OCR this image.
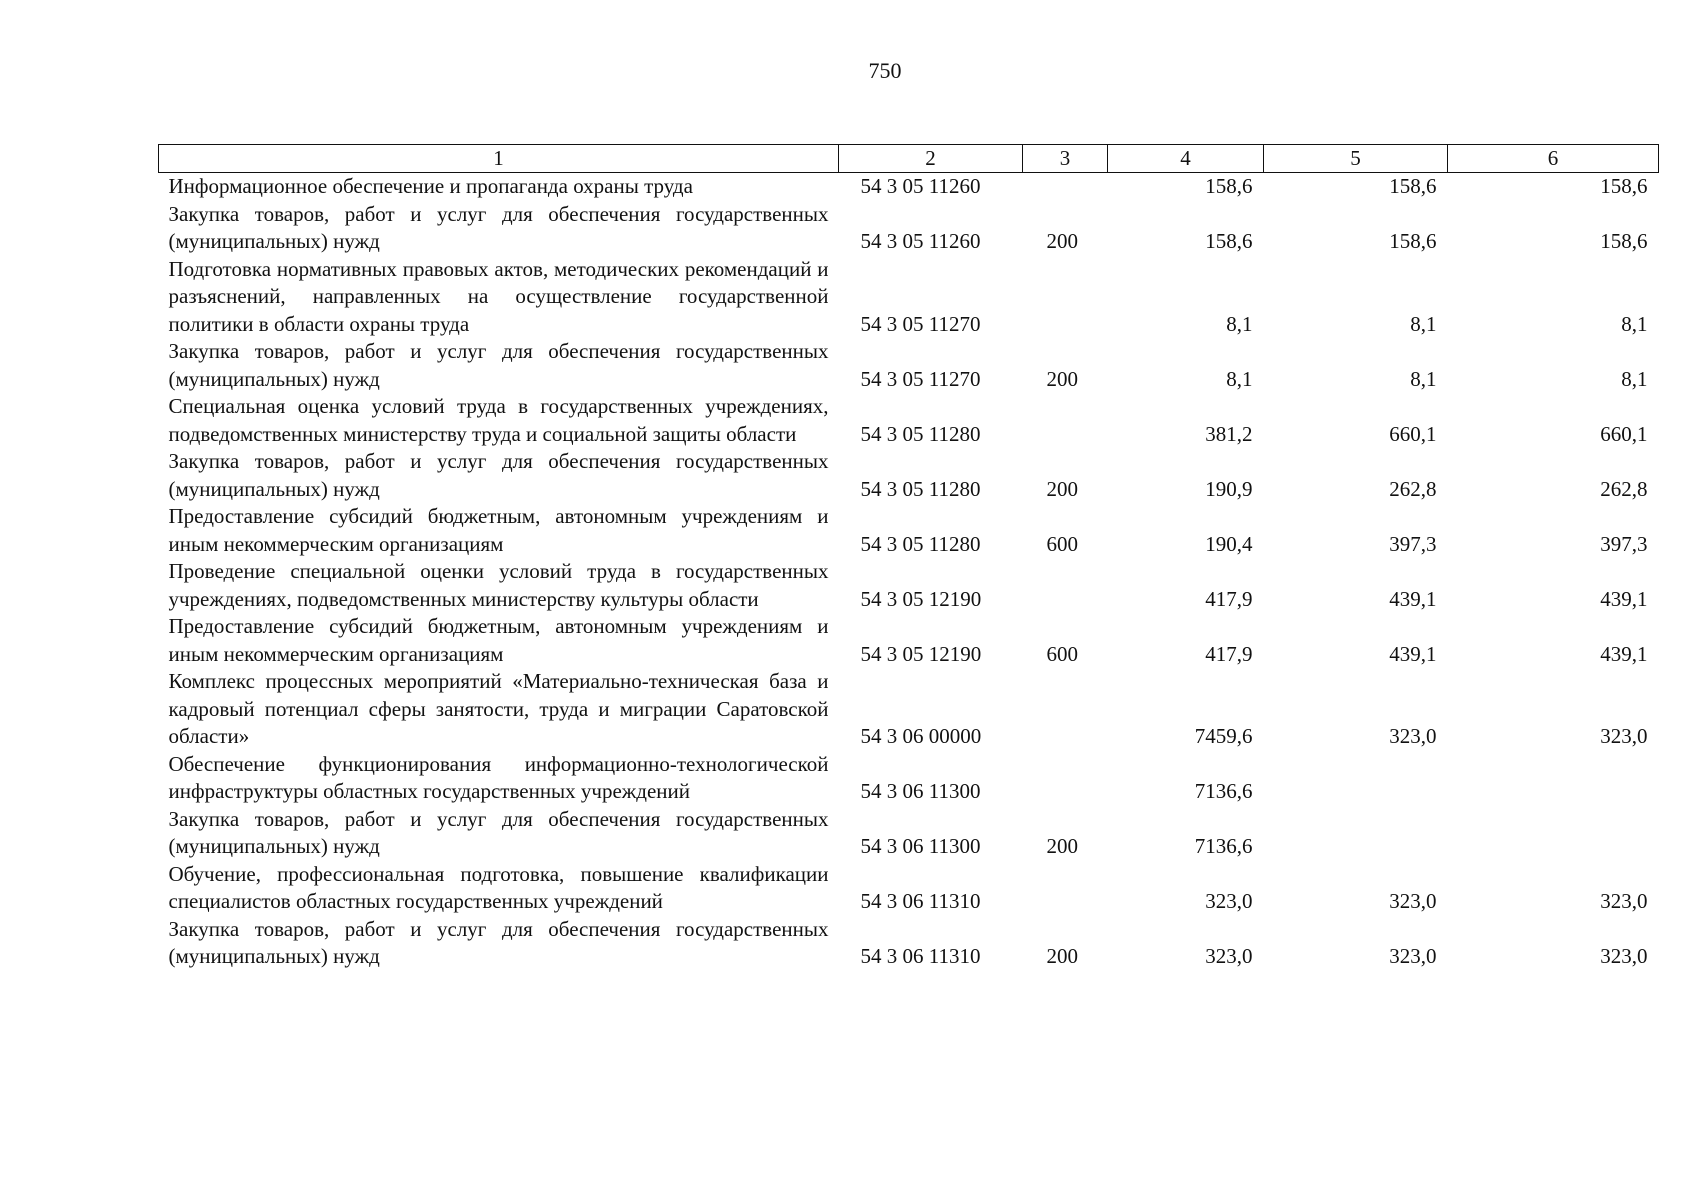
750
1	2	3	4	5	6
Информационное обеспечение и пропаганда охраны труда	54 3 05 11260		158,6	158,6	158,6
Закупка товаров, работ и услуг для обеспечения государственных (муниципальных) нужд	54 3 05 11260	200	158,6	158,6	158,6
Подготовка нормативных правовых актов, методических рекомендаций и разъяснений, направленных на осуществление государственной политики в области охраны труда	54 3 05 11270		8,1	8,1	8,1
Закупка товаров, работ и услуг для обеспечения государственных (муниципальных) нужд	54 3 05 11270	200	8,1	8,1	8,1
Специальная оценка условий труда в государственных учреждениях, подведомственных министерству труда и социальной защиты области	54 3 05 11280		381,2	660,1	660,1
Закупка товаров, работ и услуг для обеспечения государственных (муниципальных) нужд	54 3 05 11280	200	190,9	262,8	262,8
Предоставление субсидий бюджетным, автономным учреждениям и иным некоммерческим организациям	54 3 05 11280	600	190,4	397,3	397,3
Проведение специальной оценки условий труда в государственных учреждениях, подведомственных министерству культуры области	54 3 05 12190		417,9	439,1	439,1
Предоставление субсидий бюджетным, автономным учреждениям и иным некоммерческим организациям	54 3 05 12190	600	417,9	439,1	439,1
Комплекс процессных мероприятий «Материально-техническая база и кадровый потенциал сферы занятости, труда и миграции Саратовской области»	54 3 06 00000		7459,6	323,0	323,0
Обеспечение функционирования информационно-технологической инфраструктуры областных государственных учреждений	54 3 06 11300		7136,6		
Закупка товаров, работ и услуг для обеспечения государственных (муниципальных) нужд	54 3 06 11300	200	7136,6		
Обучение, профессиональная подготовка, повышение квалификации специалистов областных государственных учреждений	54 3 06 11310		323,0	323,0	323,0
Закупка товаров, работ и услуг для обеспечения государственных (муниципальных) нужд	54 3 06 11310	200	323,0	323,0	323,0
